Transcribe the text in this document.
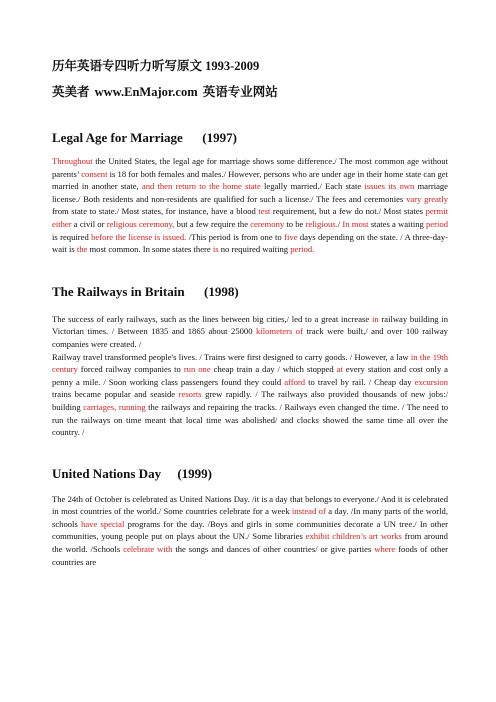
历年英语专四听力听写原文 1993-2009

英美者 www.EnMajor.com 英语专业网站

Legal Age for Marriage      (1997)

Throughout the United States, the legal age for marriage shows some difference./ The most common age without parents’ consent is 18 for both females and males./ However, persons who are under age in their home state can get married in another state, and then return to the home state legally married./ Each state issues its own marriage license./ Both residents and non-residents are qualified for such a license./ The fees and ceremonies vary greatly from state to state./ Most states, for instance, have a blood test requirement, but a few do not./ Most states permit either a civil or religious ceremony, but a few require the ceremony to be religious./ In most states a waiting period is required before the license is issued. /This period is from one to five days depending on the state. / A three-day-wait is the most common. In some states there is no required waiting period.

The Railways in Britain      (1998)

The success of early railways, such as the lines between big cities,/ led to a great increase in railway building in Victorian times. / Between 1835 and 1865 about 25000 kilometers of track were built,/ and over 100 railway companies were created. /
Railway travel transformed people's lives. / Trains were first designed to carry goods. / However, a law in the 19th century forced railway companies to run one cheap train a day / which stopped at every station and cost only a penny a mile. / Soon working class passengers found they could afford to travel by rail. / Cheap day excursion trains became popular and seaside resorts grew rapidly. / The railways also provided thousands of new jobs:/ building carriages, running the railways and repairing the tracks. / Railways even changed the time. / The need to run the railways on time meant that local time was abolished/ and clocks showed the same time all over the country. /

United Nations Day     (1999)

The 24th of October is celebrated as United Nations Day. /it is a day that belongs to everyone./ And it is celebrated in most countries of the world./ Some countries celebrate for a week instead of a day. /In many parts of the world, schools have special programs for the day. /Boys and girls in some communities decorate a UN tree./ In other communities, young people put on plays about the UN./ Some libraries exhibit children’s art works from around the world. /Schools celebrate with the songs and dances of other countries/ or give parties where foods of other countries are
